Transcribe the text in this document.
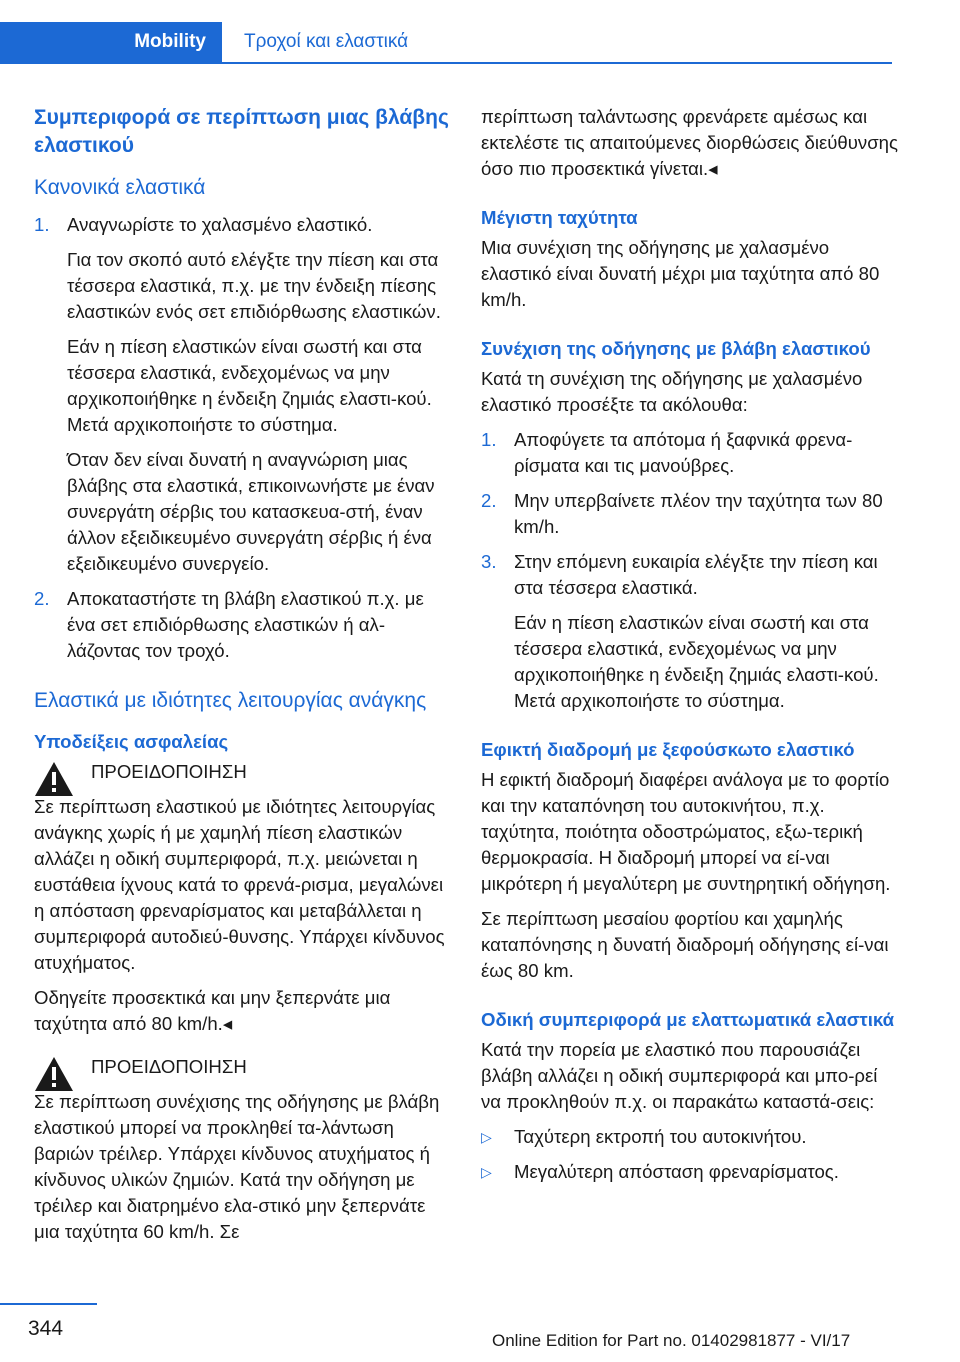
Mobility Τροχοί και ελαστικά
Συμπεριφορά σε περίπτωση μιας βλάβης ελαστικού
Κανονικά ελαστικά
1. Αναγνωρίστε το χαλασμένο ελαστικό.

Για τον σκοπό αυτό ελέγξτε την πίεση και στα τέσσερα ελαστικά, π.χ. με την ένδειξη πίεσης ελαστικών ενός σετ επιδιόρθωσης ελαστικών.

Εάν η πίεση ελαστικών είναι σωστή και στα τέσσερα ελαστικά, ενδεχομένως να μην αρχικοποιήθηκε η ένδειξη ζημιάς ελαστι‐κού. Μετά αρχικοποιήστε το σύστημα.

Όταν δεν είναι δυνατή η αναγνώριση μιας βλάβης στα ελαστικά, επικοινωνήστε με έναν συνεργάτη σέρβις του κατασκευα‐στή, έναν άλλον εξειδικευμένο συνεργάτη σέρβις ή ένα εξειδικευμένο συνεργείο.

2. Αποκαταστήστε τη βλάβη ελαστικού π.χ. με ένα σετ επιδιόρθωσης ελαστικών ή αλ‐λάζοντας τον τροχό.

Ελαστικά με ιδιότητες λειτουργίας ανάγκης
Υποδείξεις ασφαλείας

ΠΡΟΕΙΔΟΠΟΙΗΣΗ

Σε περίπτωση ελαστικού με ιδιότητες λειτουργίας ανάγκης χωρίς ή με χαμηλή πίεση ελαστικών αλλάζει η οδική συμπεριφορά, π.χ. μειώνεται η ευστάθεια ίχνους κατά το φρενά‐ρισμα, μεγαλώνει η απόσταση φρεναρίσματος και μεταβάλλεται η συμπεριφορά αυτοδιεύ‐θυνσης. Υπάρχει κίνδυνος ατυχήματος.

Οδηγείτε προσεκτικά και μην ξεπερνάτε μια ταχύτητα από 80 km/h.◂

ΠΡΟΕΙΔΟΠΟΙΗΣΗ

Σε περίπτωση συνέχισης της οδήγησης με βλάβη ελαστικού μπορεί να προκληθεί τα‐λάντωση βαριών τρέιλερ. Υπάρχει κίνδυνος ατυχήματος ή κίνδυνος υλικών ζημιών. Κατά την οδήγηση με τρέιλερ και διατρημένο ελα‐στικό μην ξεπερνάτε μια ταχύτητα 60 km/h. Σε

περίπτωση ταλάντωσης φρενάρετε αμέσως και εκτελέστε τις απαιτούμενες διορθώσεις διεύθυνσης όσο πιο προσεκτικά γίνεται.◂

Μέγιστη ταχύτητα

Μια συνέχιση της οδήγησης με χαλασμένο ελαστικό είναι δυνατή μέχρι μια ταχύτητα από 80 km/h.

Συνέχιση της οδήγησης με βλάβη ελαστικού

Κατά τη συνέχιση της οδήγησης με χαλασμένο ελαστικό προσέξτε τα ακόλουθα:

1. Αποφύγετε τα απότομα ή ξαφνικά φρενα‐ρίσματα και τις μανούβρες.

2. Μην υπερβαίνετε πλέον την ταχύτητα των 80 km/h.

3. Στην επόμενη ευκαιρία ελέγξτε την πίεση και στα τέσσερα ελαστικά.

Εάν η πίεση ελαστικών είναι σωστή και στα τέσσερα ελαστικά, ενδεχομένως να μην αρχικοποιήθηκε η ένδειξη ζημιάς ελαστι‐κού. Μετά αρχικοποιήστε το σύστημα.

Εφικτή διαδρομή με ξεφούσκωτο ελαστικό

Η εφικτή διαδρομή διαφέρει ανάλογα με το φορτίο και την καταπόνηση του αυτοκινήτου, π.χ. ταχύτητα, ποιότητα οδοστρώματος, εξω‐τερική θερμοκρασία. Η διαδρομή μπορεί να εί‐ναι μικρότερη ή μεγαλύτερη με συντηρητική οδήγηση.

Σε περίπτωση μεσαίου φορτίου και χαμηλής καταπόνησης η δυνατή διαδρομή οδήγησης εί‐ναι έως 80 km.

Οδική συμπεριφορά με ελαττωματικά ελαστικά

Κατά την πορεία με ελαστικό που παρουσιάζει βλάβη αλλάζει η οδική συμπεριφορά και μπο‐ρεί να προκληθούν π.χ. οι παρακάτω καταστά‐σεις:

▷ Ταχύτερη εκτροπή του αυτοκινήτου.
▷ Μεγαλύτερη απόσταση φρεναρίσματος.
344
Online Edition for Part no. 01402981877 - VI/17
